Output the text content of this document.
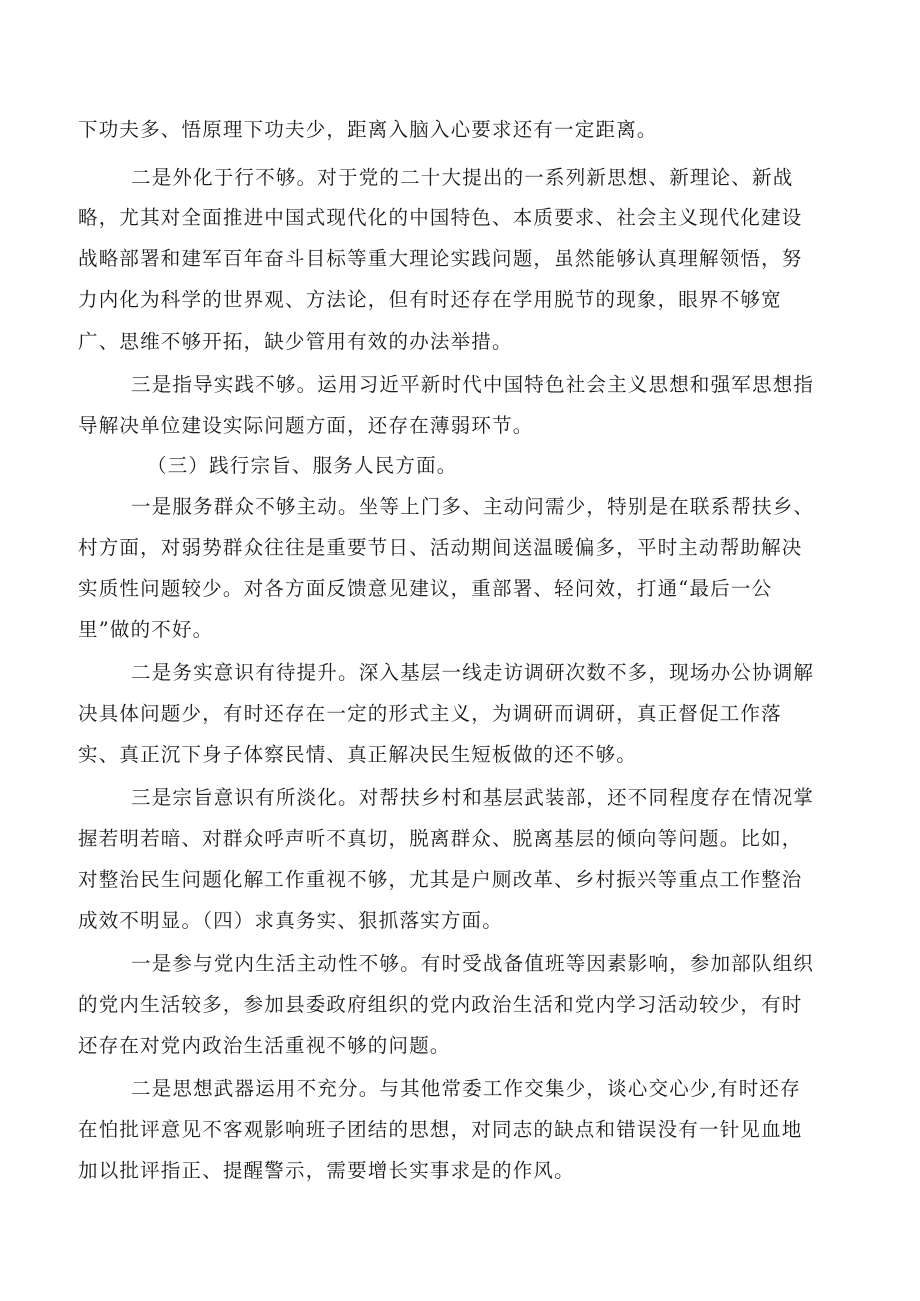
下功夫多、悟原理下功夫少，距离入脑入心要求还有一定距离。
二是外化于行不够。对于党的二十大提出的一系列新思想、新理论、新战
略，尤其对全面推进中国式现代化的中国特色、本质要求、社会主义现代化建设
战略部署和建军百年奋斗目标等重大理论实践问题，虽然能够认真理解领悟，努
力内化为科学的世界观、方法论，但有时还存在学用脱节的现象，眼界不够宽
广、思维不够开拓，缺少管用有效的办法举措。
三是指导实践不够。运用习近平新时代中国特色社会主义思想和强军思想指
导解决单位建设实际问题方面，还存在薄弱环节。
（三）践行宗旨、服务人民方面。
一是服务群众不够主动。坐等上门多、主动问需少，特别是在联系帮扶乡、
村方面，对弱势群众往往是重要节日、活动期间送温暖偏多，平时主动帮助解决
实质性问题较少。对各方面反馈意见建议，重部署、轻问效，打通“最后一公
里”做的不好。
二是务实意识有待提升。深入基层一线走访调研次数不多，现场办公协调解
决具体问题少，有时还存在一定的形式主义，为调研而调研，真正督促工作落
实、真正沉下身子体察民情、真正解决民生短板做的还不够。
三是宗旨意识有所淡化。对帮扶乡村和基层武装部，还不同程度存在情况掌
握若明若暗、对群众呼声听不真切，脱离群众、脱离基层的倾向等问题。比如，
对整治民生问题化解工作重视不够，尤其是户厕改革、乡村振兴等重点工作整治
成效不明显。（四）求真务实、狠抓落实方面。
一是参与党内生活主动性不够。有时受战备值班等因素影响，参加部队组织
的党内生活较多，参加县委政府组织的党内政治生活和党内学习活动较少，有时
还存在对党内政治生活重视不够的问题。
二是思想武器运用不充分。与其他常委工作交集少，谈心交心少,有时还存
在怕批评意见不客观影响班子团结的思想，对同志的缺点和错误没有一针见血地
加以批评指正、提醒警示，需要增长实事求是的作风。
